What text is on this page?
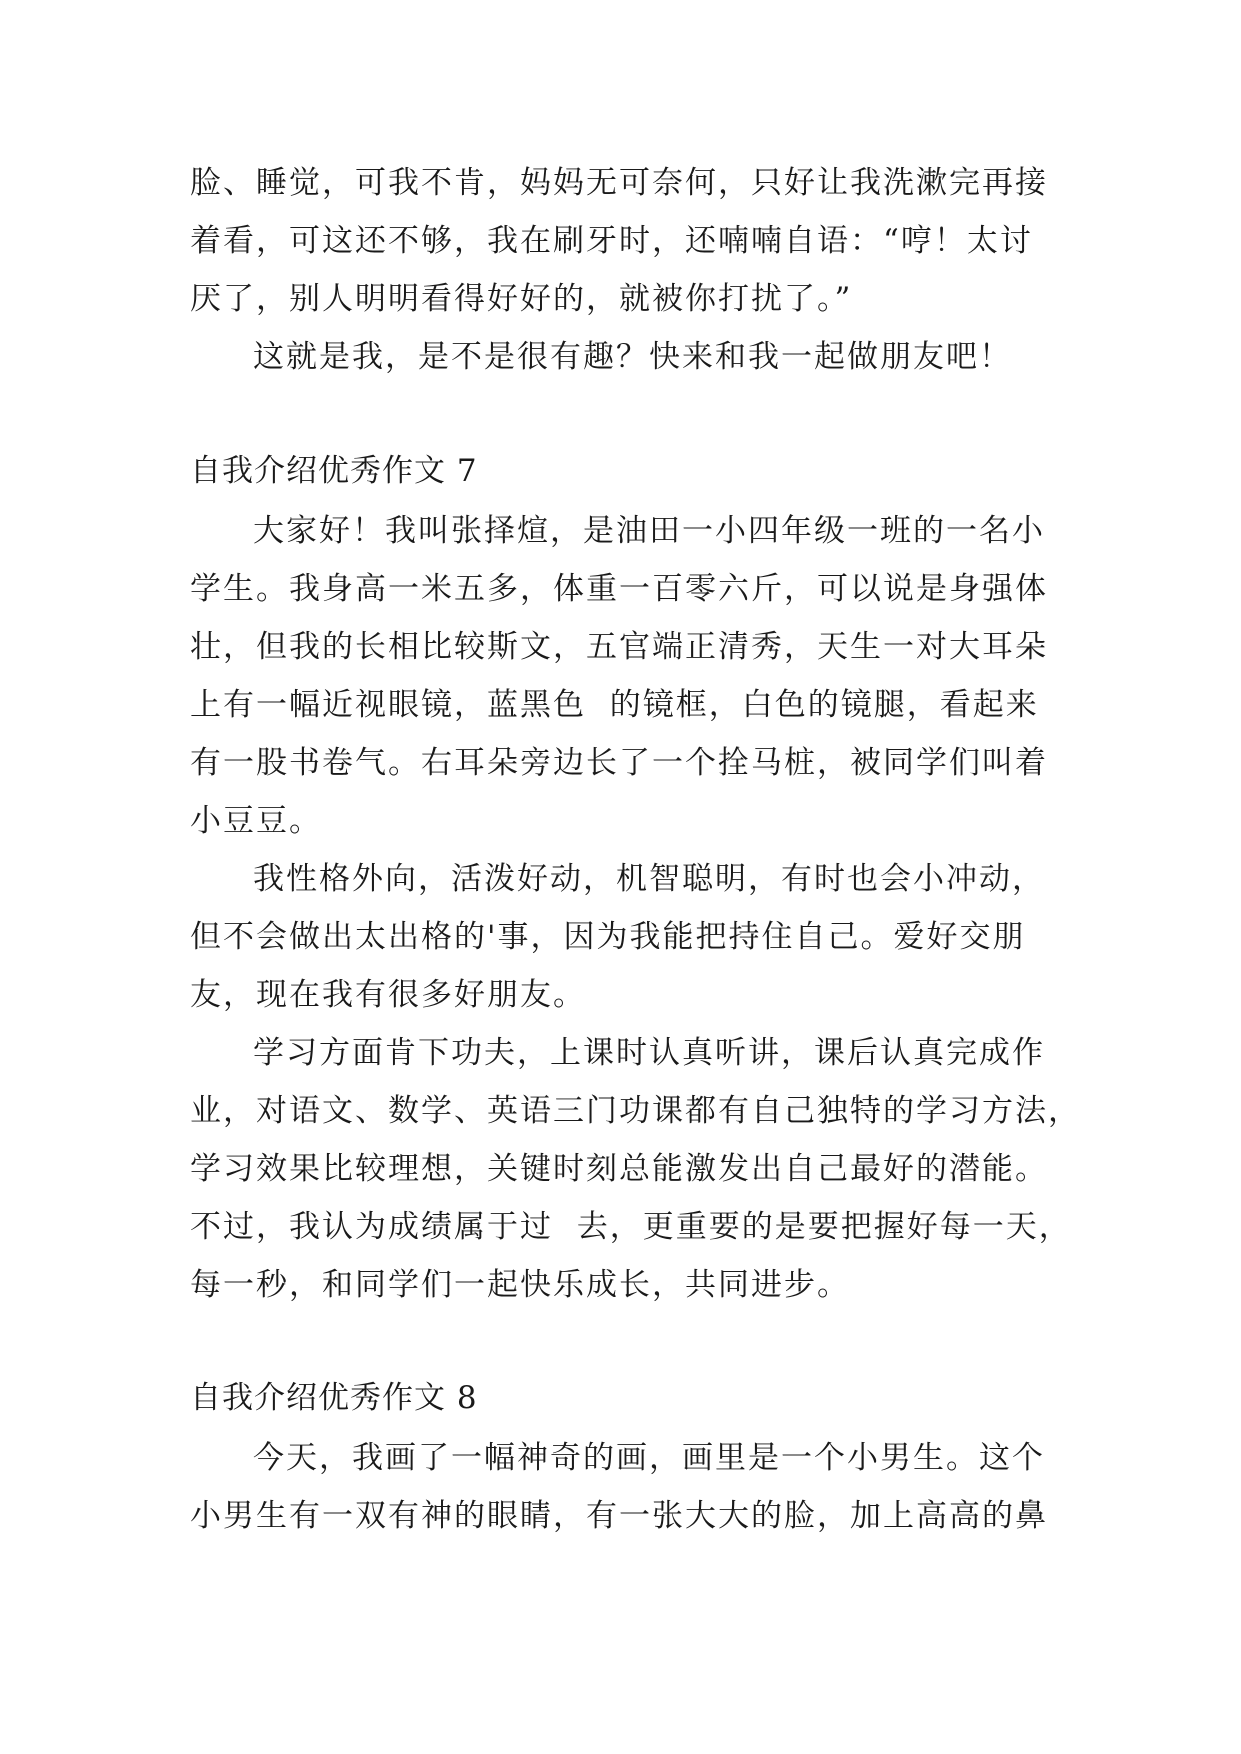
脸、睡觉，可我不肯，妈妈无可奈何，只好让我洗漱完再接
着看，可这还不够，我在刷牙时，还喃喃自语：“哼！太讨
厌了，别人明明看得好好的，就被你打扰了。”
这就是我，是不是很有趣？快来和我一起做朋友吧！
自我介绍优秀作文 7
大家好！我叫张择煊，是油田一小四年级一班的一名小
学生。我身高一米五多，体重一百零六斤，可以说是身强体
壮，但我的长相比较斯文，五官端正清秀，天生一对大耳朵
上有一幅近视眼镜，蓝黑色  的镜框，白色的镜腿，看起来
有一股书卷气。右耳朵旁边长了一个拴马桩，被同学们叫着
小豆豆。
我性格外向，活泼好动，机智聪明，有时也会小冲动，
但不会做出太出格的'事，因为我能把持住自己。爱好交朋
友，现在我有很多好朋友。
学习方面肯下功夫，上课时认真听讲，课后认真完成作
业，对语文、数学、英语三门功课都有自己独特的学习方法，
学习效果比较理想，关键时刻总能激发出自己最好的潜能。
不过，我认为成绩属于过  去，更重要的是要把握好每一天，
每一秒，和同学们一起快乐成长，共同进步。
自我介绍优秀作文 8
今天，我画了一幅神奇的画，画里是一个小男生。这个
小男生有一双有神的眼睛，有一张大大的脸，加上高高的鼻
